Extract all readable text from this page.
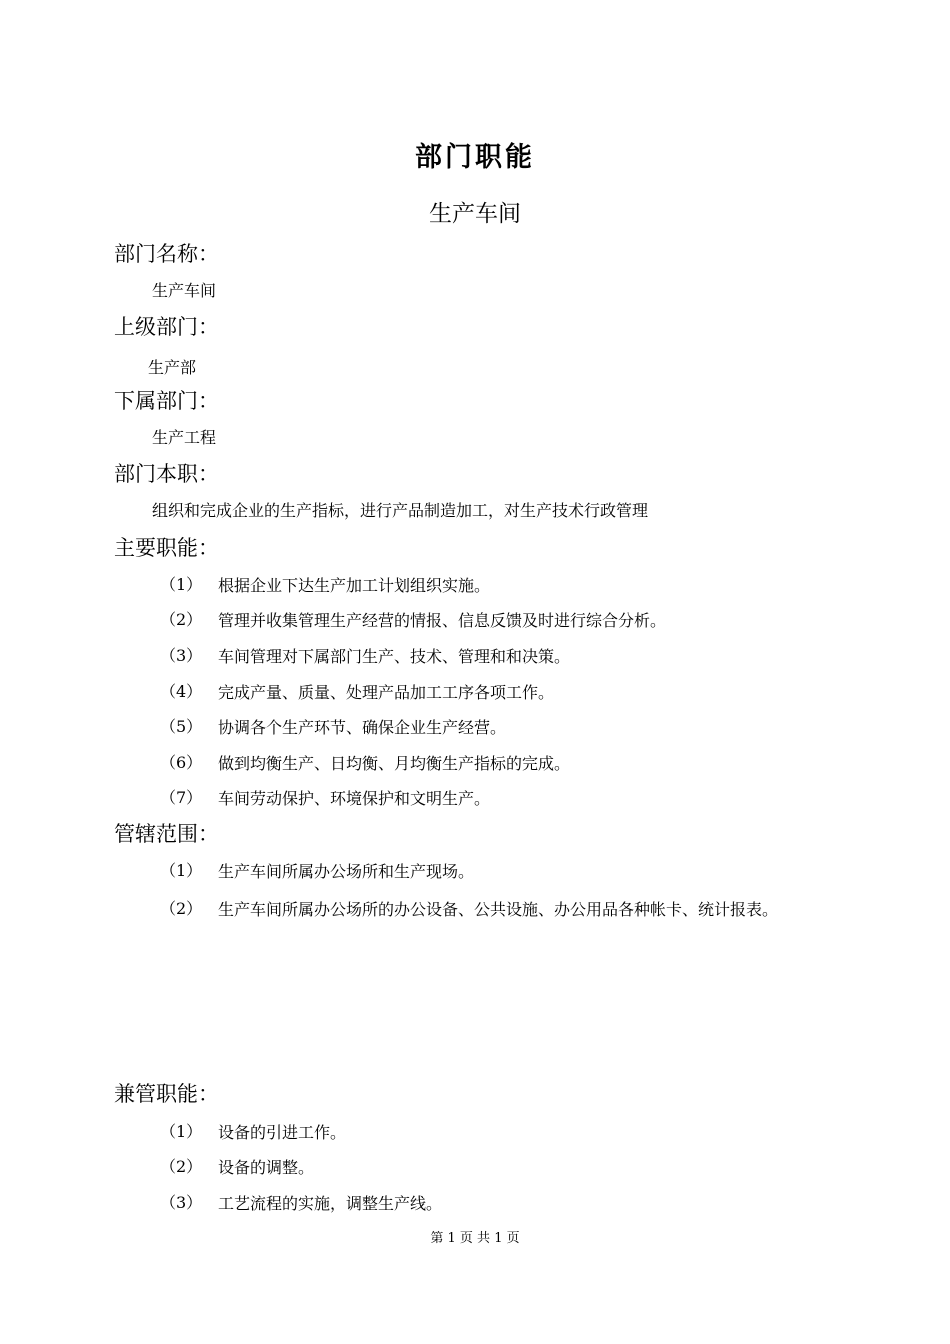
部门职能
生产车间
部门名称：
生产车间
上级部门：
生产部
下属部门：
生产工程
部门本职：
组织和完成企业的生产指标，进行产品制造加工，对生产技术行政管理
主要职能：
（1） 根据企业下达生产加工计划组织实施。
（2） 管理并收集管理生产经营的情报、信息反馈及时进行综合分析。
（3） 车间管理对下属部门生产、技术、管理和和决策。
（4） 完成产量、质量、处理产品加工工序各项工作。
（5） 协调各个生产环节、确保企业生产经营。
（6） 做到均衡生产、日均衡、月均衡生产指标的完成。
（7） 车间劳动保护、环境保护和文明生产。
管辖范围：
（1） 生产车间所属办公场所和生产现场。
（2） 生产车间所属办公场所的办公设备、公共设施、办公用品各种帐卡、统计报表。
兼管职能：
（1） 设备的引进工作。
（2） 设备的调整。
（3） 工艺流程的实施，调整生产线。
第 1 页 共 1 页
